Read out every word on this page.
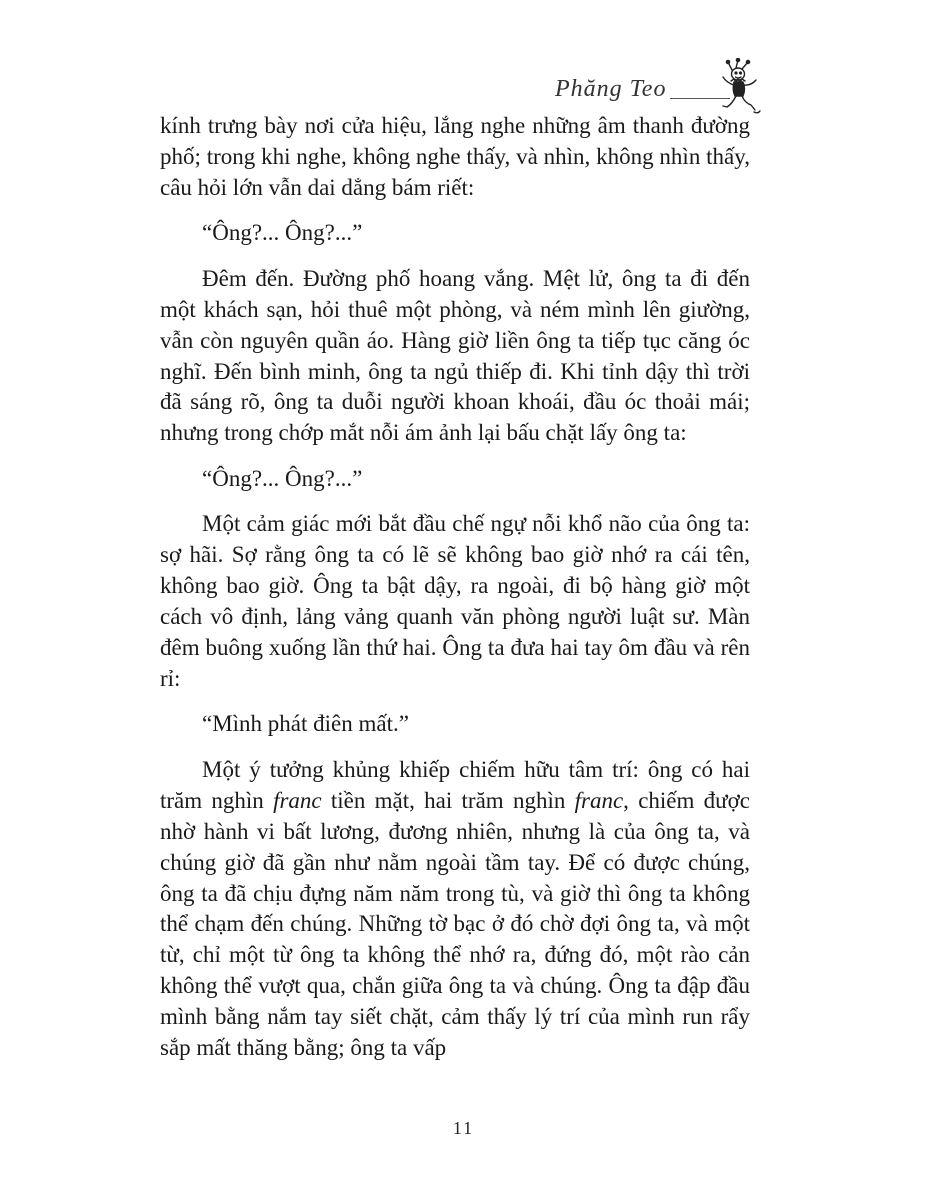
Phăng Teo

kính trưng bày nơi cửa hiệu, lắng nghe những âm thanh đường phố; trong khi nghe, không nghe thấy, và nhìn, không nhìn thấy, câu hỏi lớn vẫn dai dẳng bám riết:

“Ông?... Ông?...”

Đêm đến. Đường phố hoang vắng. Mệt lử, ông ta đi đến một khách sạn, hỏi thuê một phòng, và ném mình lên giường, vẫn còn nguyên quần áo. Hàng giờ liền ông ta tiếp tục căng óc nghĩ. Đến bình minh, ông ta ngủ thiếp đi. Khi tỉnh dậy thì trời đã sáng rõ, ông ta duỗi người khoan khoái, đầu óc thoải mái; nhưng trong chớp mắt nỗi ám ảnh lại bấu chặt lấy ông ta:

“Ông?... Ông?...”

Một cảm giác mới bắt đầu chế ngự nỗi khổ não của ông ta: sợ hãi. Sợ rằng ông ta có lẽ sẽ không bao giờ nhớ ra cái tên, không bao giờ. Ông ta bật dậy, ra ngoài, đi bộ hàng giờ một cách vô định, lảng vảng quanh văn phòng người luật sư. Màn đêm buông xuống lần thứ hai. Ông ta đưa hai tay ôm đầu và rên rỉ:

“Mình phát điên mất.”

Một ý tưởng khủng khiếp chiếm hữu tâm trí: ông có hai trăm nghìn franc tiền mặt, hai trăm nghìn franc, chiếm được nhờ hành vi bất lương, đương nhiên, nhưng là của ông ta, và chúng giờ đã gần như nằm ngoài tầm tay. Để có được chúng, ông ta đã chịu đựng năm năm trong tù, và giờ thì ông ta không thể chạm đến chúng. Những tờ bạc ở đó chờ đợi ông ta, và một từ, chỉ một từ ông ta không thể nhớ ra, đứng đó, một rào cản không thể vượt qua, chắn giữa ông ta và chúng. Ông ta đập đầu mình bằng nắm tay siết chặt, cảm thấy lý trí của mình run rẩy sắp mất thăng bằng; ông ta vấp

11
